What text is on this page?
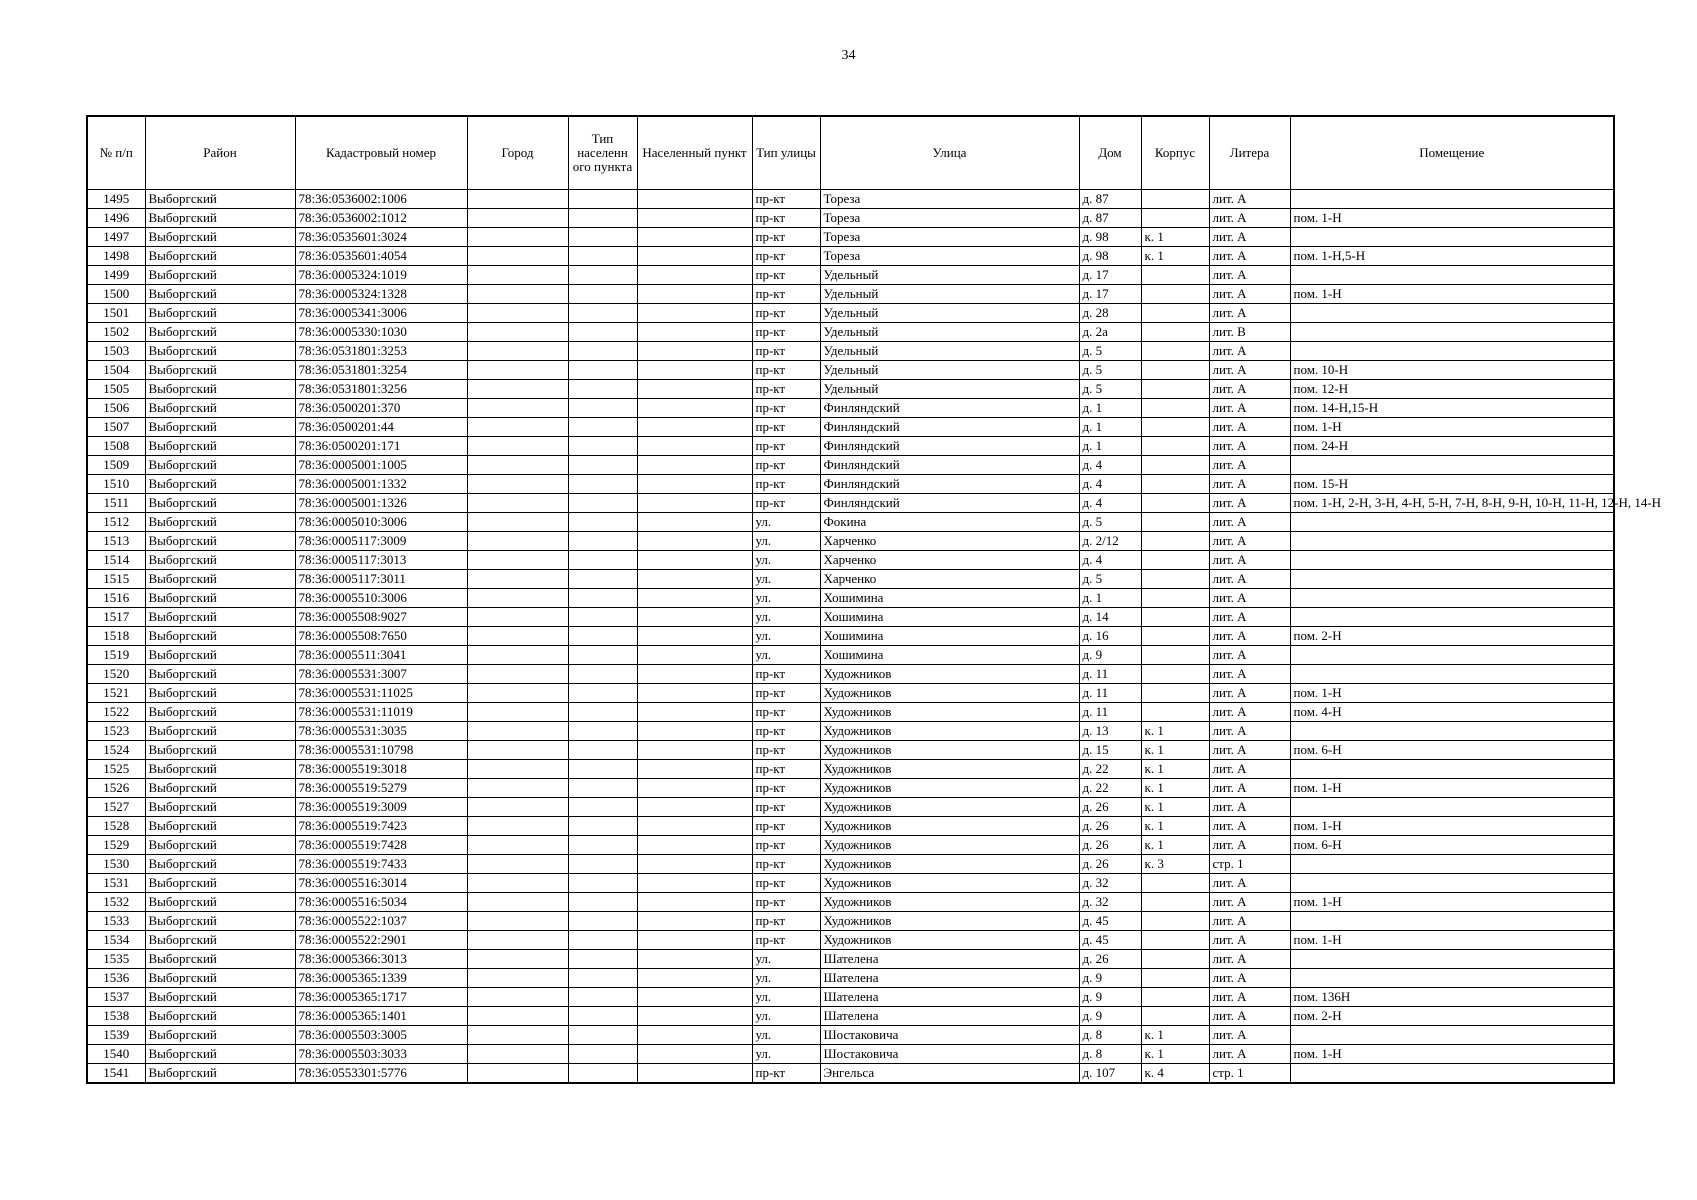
34
№ п/п	Район	Кадастровый номер	Город	Тип населенн ого пункта	Населенный пункт	Тип улицы	Улица	Дом	Корпус	Литера	Помещение
1495	Выборгский	78:36:0536002:1006				пр-кт	Тореза	д. 87		лит. А	
1496	Выборгский	78:36:0536002:1012				пр-кт	Тореза	д. 87		лит. А	пом. 1-Н
1497	Выборгский	78:36:0535601:3024				пр-кт	Тореза	д. 98	к. 1	лит. А	
1498	Выборгский	78:36:0535601:4054				пр-кт	Тореза	д. 98	к. 1	лит. А	пом. 1-Н,5-Н
1499	Выборгский	78:36:0005324:1019				пр-кт	Удельный	д. 17		лит. А	
1500	Выборгский	78:36:0005324:1328				пр-кт	Удельный	д. 17		лит. А	пом. 1-Н
1501	Выборгский	78:36:0005341:3006				пр-кт	Удельный	д. 28		лит. А	
1502	Выборгский	78:36:0005330:1030				пр-кт	Удельный	д. 2а		лит. В	
1503	Выборгский	78:36:0531801:3253				пр-кт	Удельный	д. 5		лит. А	
1504	Выборгский	78:36:0531801:3254				пр-кт	Удельный	д. 5		лит. А	пом. 10-Н
1505	Выборгский	78:36:0531801:3256				пр-кт	Удельный	д. 5		лит. А	пом. 12-Н
1506	Выборгский	78:36:0500201:370				пр-кт	Финляндский	д. 1		лит. А	пом. 14-Н,15-Н
1507	Выборгский	78:36:0500201:44				пр-кт	Финляндский	д. 1		лит. А	пом. 1-Н
1508	Выборгский	78:36:0500201:171				пр-кт	Финляндский	д. 1		лит. А	пом. 24-Н
1509	Выборгский	78:36:0005001:1005				пр-кт	Финляндский	д. 4		лит. А	
1510	Выборгский	78:36:0005001:1332				пр-кт	Финляндский	д. 4		лит. А	пом. 15-Н
1511	Выборгский	78:36:0005001:1326				пр-кт	Финляндский	д. 4		лит. А	пом. 1-Н, 2-Н, 3-Н, 4-Н, 5-Н, 7-Н, 8-Н, 9-Н, 10-Н, 11-Н, 12-Н, 14-Н
1512	Выборгский	78:36:0005010:3006				ул.	Фокина	д. 5		лит. А	
1513	Выборгский	78:36:0005117:3009				ул.	Харченко	д. 2/12		лит. А	
1514	Выборгский	78:36:0005117:3013				ул.	Харченко	д. 4		лит. А	
1515	Выборгский	78:36:0005117:3011				ул.	Харченко	д. 5		лит. А	
1516	Выборгский	78:36:0005510:3006				ул.	Хошимина	д. 1		лит. А	
1517	Выборгский	78:36:0005508:9027				ул.	Хошимина	д. 14		лит. А	
1518	Выборгский	78:36:0005508:7650				ул.	Хошимина	д. 16		лит. А	пом. 2-Н
1519	Выборгский	78:36:0005511:3041				ул.	Хошимина	д. 9		лит. А	
1520	Выборгский	78:36:0005531:3007				пр-кт	Художников	д. 11		лит. А	
1521	Выборгский	78:36:0005531:11025				пр-кт	Художников	д. 11		лит. А	пом. 1-Н
1522	Выборгский	78:36:0005531:11019				пр-кт	Художников	д. 11		лит. А	пом. 4-Н
1523	Выборгский	78:36:0005531:3035				пр-кт	Художников	д. 13	к. 1	лит. А	
1524	Выборгский	78:36:0005531:10798				пр-кт	Художников	д. 15	к. 1	лит. А	пом. 6-Н
1525	Выборгский	78:36:0005519:3018				пр-кт	Художников	д. 22	к. 1	лит. А	
1526	Выборгский	78:36:0005519:5279				пр-кт	Художников	д. 22	к. 1	лит. А	пом. 1-Н
1527	Выборгский	78:36:0005519:3009				пр-кт	Художников	д. 26	к. 1	лит. А	
1528	Выборгский	78:36:0005519:7423				пр-кт	Художников	д. 26	к. 1	лит. А	пом. 1-Н
1529	Выборгский	78:36:0005519:7428				пр-кт	Художников	д. 26	к. 1	лит. А	пом. 6-Н
1530	Выборгский	78:36:0005519:7433				пр-кт	Художников	д. 26	к. 3	стр. 1	
1531	Выборгский	78:36:0005516:3014				пр-кт	Художников	д. 32		лит. А	
1532	Выборгский	78:36:0005516:5034				пр-кт	Художников	д. 32		лит. А	пом. 1-Н
1533	Выборгский	78:36:0005522:1037				пр-кт	Художников	д. 45		лит. А	
1534	Выборгский	78:36:0005522:2901				пр-кт	Художников	д. 45		лит. А	пом. 1-Н
1535	Выборгский	78:36:0005366:3013				ул.	Шателена	д. 26		лит. А	
1536	Выборгский	78:36:0005365:1339				ул.	Шателена	д. 9		лит. А	
1537	Выборгский	78:36:0005365:1717				ул.	Шателена	д. 9		лит. А	пом. 136Н
1538	Выборгский	78:36:0005365:1401				ул.	Шателена	д. 9		лит. А	пом. 2-Н
1539	Выборгский	78:36:0005503:3005				ул.	Шостаковича	д. 8	к. 1	лит. А	
1540	Выборгский	78:36:0005503:3033				ул.	Шостаковича	д. 8	к. 1	лит. А	пом. 1-Н
1541	Выборгский	78:36:0553301:5776				пр-кт	Энгельса	д. 107	к. 4	стр. 1	
